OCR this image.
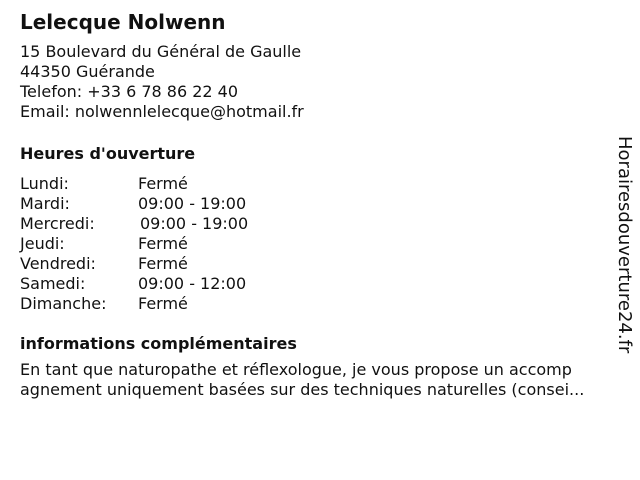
Lelecque Nolwenn
15 Boulevard du Général de Gaulle
44350 Guérande
Telefon: +33 6 78 86 22 40
Email: nolwennlelecque@hotmail.fr
Heures d'ouverture
Lundi:	Fermé
Mardi:	09:00 - 19:00
Mercredi:	09:00 - 19:00
Jeudi:	Fermé
Vendredi:	Fermé
Samedi:	09:00 - 12:00
Dimanche: Fermé
informations complémentaires
En tant que naturopathe et réflexologue, je vous propose un accomp
agnement uniquement basées sur des techniques naturelles (consei...
Horairesdouverture24.fr
